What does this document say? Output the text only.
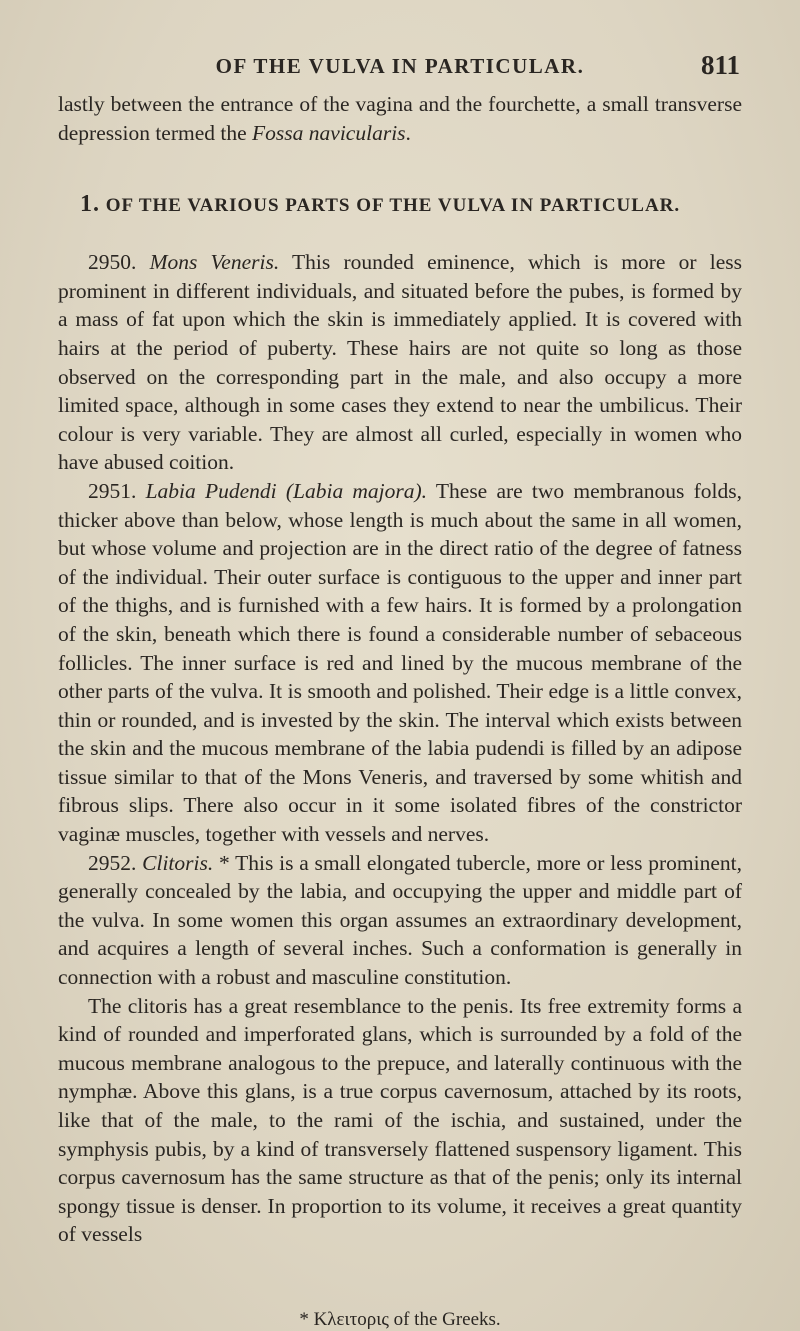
OF THE VULVA IN PARTICULAR.	811

lastly between the entrance of the vagina and the fourchette, a small transverse depression termed the Fossa navicularis.

1. OF THE VARIOUS PARTS OF THE VULVA IN PARTICULAR.

2950. Mons Veneris. This rounded eminence, which is more or less prominent in different individuals, and situated before the pubes, is formed by a mass of fat upon which the skin is immediately applied. It is covered with hairs at the period of puberty. These hairs are not quite so long as those observed on the corresponding part in the male, and also occupy a more limited space, although in some cases they extend to near the umbilicus. Their colour is very variable. They are almost all curled, especially in women who have abused coition.

2951. Labia Pudendi (Labia majora). These are two membranous folds, thicker above than below, whose length is much about the same in all women, but whose volume and projection are in the direct ratio of the degree of fatness of the individual. Their outer surface is contiguous to the upper and inner part of the thighs, and is furnished with a few hairs. It is formed by a prolongation of the skin, beneath which there is found a considerable number of sebaceous follicles. The inner surface is red and lined by the mucous membrane of the other parts of the vulva. It is smooth and polished. Their edge is a little convex, thin or rounded, and is invested by the skin. The interval which exists between the skin and the mucous membrane of the labia pudendi is filled by an adipose tissue similar to that of the Mons Veneris, and traversed by some whitish and fibrous slips. There also occur in it some isolated fibres of the constrictor vaginæ muscles, together with vessels and nerves.

2952. Clitoris. * This is a small elongated tubercle, more or less prominent, generally concealed by the labia, and occupying the upper and middle part of the vulva. In some women this organ assumes an extraordinary development, and acquires a length of several inches. Such a conformation is generally in connection with a robust and masculine constitution.

The clitoris has a great resemblance to the penis. Its free extremity forms a kind of rounded and imperforated glans, which is surrounded by a fold of the mucous membrane analogous to the prepuce, and laterally continuous with the nymphæ. Above this glans, is a true corpus cavernosum, attached by its roots, like that of the male, to the rami of the ischia, and sustained, under the symphysis pubis, by a kind of transversely flattened suspensory ligament. This corpus cavernosum has the same structure as that of the penis; only its internal spongy tissue is denser. In proportion to its volume, it receives a great quantity of vessels

* Κλειτορις of the Greeks.
